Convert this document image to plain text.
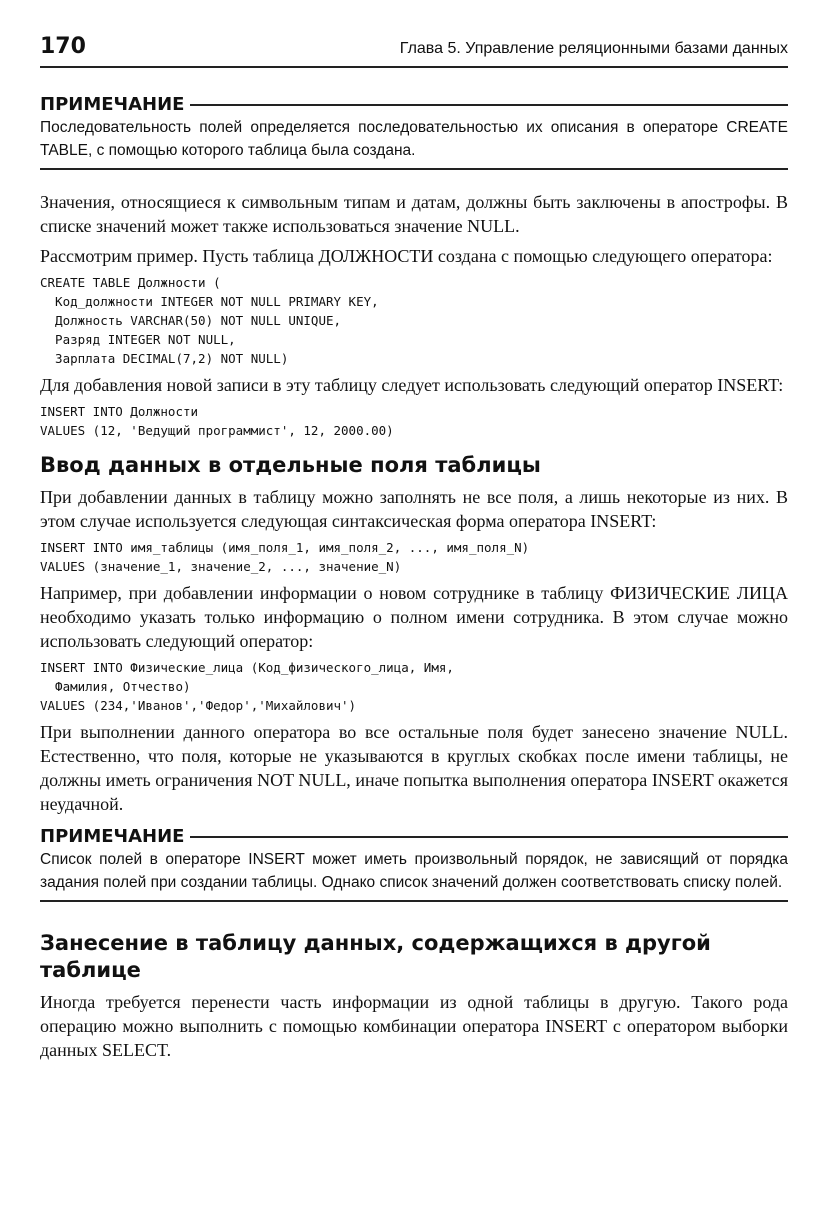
170	Глава 5. Управление реляционными базами данных
ПРИМЕЧАНИЕ
Последовательность полей определяется последовательностью их описания в операторе CREATE TABLE, с помощью которого таблица была создана.

Значения, относящиеся к символьным типам и датам, должны быть заключены в апострофы. В списке значений может также использоваться значение NULL.

Рассмотрим пример. Пусть таблица ДОЛЖНОСТИ создана с помощью следующего оператора:

CREATE TABLE Должности (
Код_должности INTEGER NOT NULL PRIMARY KEY,
Должность VARCHAR(50) NOT NULL UNIQUE,
Разряд INTEGER NOT NULL,
Зарплата DECIMAL(7,2) NOT NULL)

Для добавления новой записи в эту таблицу следует использовать следующий оператор INSERT:

INSERT INTO Должности
VALUES (12, 'Ведущий программист', 12, 2000.00)
Ввод данных в отдельные поля таблицы

При добавлении данных в таблицу можно заполнять не все поля, а лишь некоторые из них. В этом случае используется следующая синтаксическая форма оператора INSERT:

INSERT INTO имя_таблицы (имя_поля_1, имя_поля_2, ..., имя_поля_N)
VALUES (значение_1, значение_2, ..., значение_N)

Например, при добавлении информации о новом сотруднике в таблицу ФИЗИЧЕСКИЕ ЛИЦА необходимо указать только информацию о полном имени сотрудника. В этом случае можно использовать следующий оператор:

INSERT INTO Физические_лица (Код_физического_лица, Имя,
Фамилия, Отчество)
VALUES (234,'Иванов','Федор','Михайлович')

При выполнении данного оператора во все остальные поля будет занесено значение NULL. Естественно, что поля, которые не указываются в круглых скобках после имени таблицы, не должны иметь ограничения NOT NULL, иначе попытка выполнения оператора INSERT окажется неудачной.

ПРИМЕЧАНИЕ
Список полей в операторе INSERT может иметь произвольный порядок, не зависящий от порядка задания полей при создании таблицы. Однако список значений должен соответствовать списку полей.
Занесение в таблицу данных, содержащихся в другой таблице

Иногда требуется перенести часть информации из одной таблицы в другую. Такого рода операцию можно выполнить с помощью комбинации оператора INSERT с оператором выборки данных SELECT.
